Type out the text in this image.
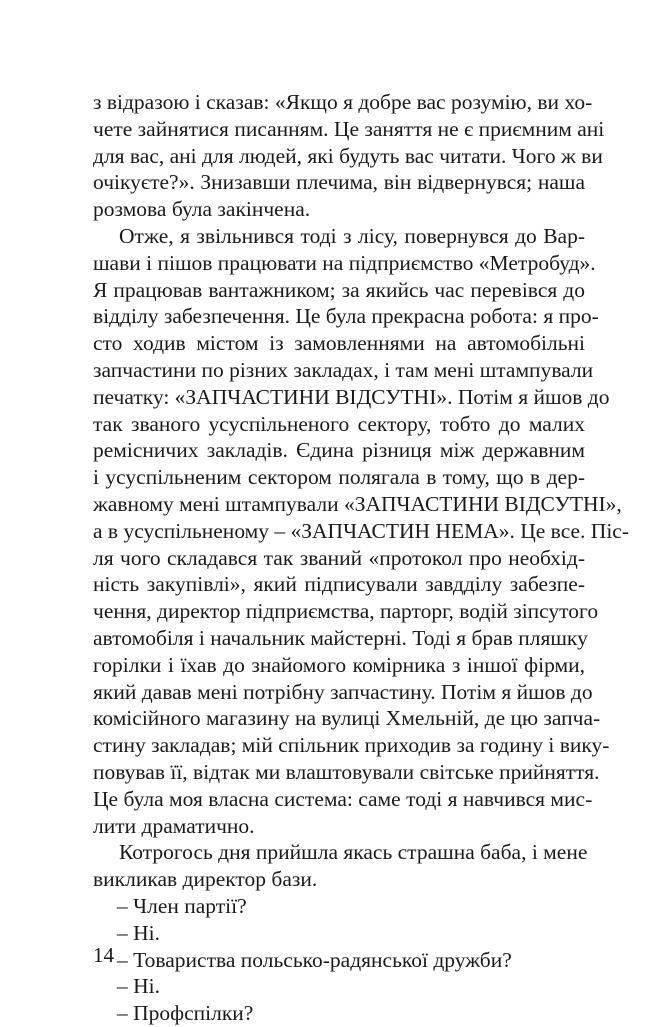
з відразою і сказав: «Якщо я добре вас розумію, ви хо-
чете зайнятися писанням. Це заняття не є приємним ані
для вас, ані для людей, які будуть вас читати. Чого ж ви
очікуєте?». Знизавши плечима, він відвернувся; наша
розмова була закінчена.
Отже, я звільнився тоді з лісу, повернувся до Вар-
шави і пішов працювати на підприємство «Метробуд».
Я працював вантажником; за якийсь час перевівся до
відділу забезпечення. Це була прекрасна робота: я про-
сто ходив містом із замовленнями на автомобільні
запчастини по різних закладах, і там мені штампували
печатку: «ЗАПЧАСТИНИ ВІДСУТНІ». Потім я йшов до
так званого усуспільненого сектору, тобто до малих
ремісничих закладів. Єдина різниця між державним
і усуспільненим сектором полягала в тому, що в дер-
жавному мені штампували «ЗАПЧАСТИНИ ВІДСУТНІ»,
а в усуспільненому – «ЗАПЧАСТИН НЕМА». Це все. Піс-
ля чого складався так званий «протокол про необхід-
ність закупівлі», який підписували завдділу забезпе-
чення, директор підприємства, парторг, водій зіпсутого
автомобіля і начальник майстерні. Тоді я брав пляшку
горілки і їхав до знайомого комірника з іншої фірми,
який давав мені потрібну запчастину. Потім я йшов до
комісійного магазину на вулиці Хмельній, де цю запча-
стину закладав; мій спільник приходив за годину і вику-
повував її, відтак ми влаштовували світське прийняття.
Це була моя власна система: саме тоді я навчився мис-
лити драматично.
Котрогось дня прийшла якась страшна баба, і мене
викликав директор бази.
– Член партії?
– Ні.
– Товариства польсько-радянської дружби?
– Ні.
– Профспілки?
14
